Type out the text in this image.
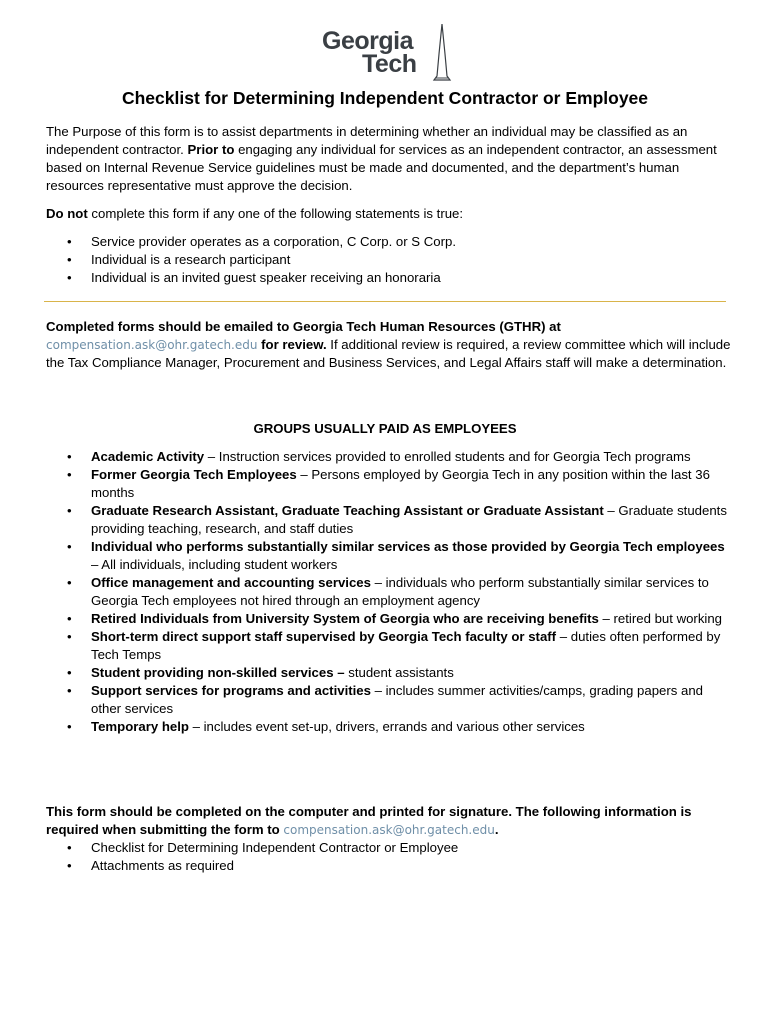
Georgia
Tech
Checklist for Determining Independent Contractor or Employee

The Purpose of this form is to assist departments in determining whether an individual may be classified as an independent contractor. Prior to engaging any individual for services as an independent contractor, an assessment based on Internal Revenue Service guidelines must be made and documented, and the department’s human resources representative must approve the decision.

Do not complete this form if any one of the following statements is true:

• Service provider operates as a corporation, C Corp. or S Corp.
• Individual is a research participant
• Individual is an invited guest speaker receiving an honoraria

Completed forms should be emailed to Georgia Tech Human Resources (GTHR) at
compensation.ask@ohr.gatech.edu for review. If additional review is required, a review committee which will include the Tax Compliance Manager, Procurement and Business Services, and Legal Affairs staff will make a determination.

GROUPS USUALLY PAID AS EMPLOYEES
• Academic Activity – Instruction services provided to enrolled students and for Georgia Tech programs
• Former Georgia Tech Employees – Persons employed by Georgia Tech in any position within the last 36 months
• Graduate Research Assistant, Graduate Teaching Assistant or Graduate Assistant – Graduate students providing teaching, research, and staff duties
• Individual who performs substantially similar services as those provided by Georgia Tech employees – All individuals, including student workers
• Office management and accounting services – individuals who perform substantially similar services to Georgia Tech employees not hired through an employment agency
• Retired Individuals from University System of Georgia who are receiving benefits – retired but working
• Short-term direct support staff supervised by Georgia Tech faculty or staff – duties often performed by Tech Temps
• Student providing non-skilled services – student assistants
• Support services for programs and activities – includes summer activities/camps, grading papers and other services
• Temporary help – includes event set-up, drivers, errands and various other services

This form should be completed on the computer and printed for signature. The following information is required when submitting the form to compensation.ask@ohr.gatech.edu.

• Checklist for Determining Independent Contractor or Employee
• Attachments as required
